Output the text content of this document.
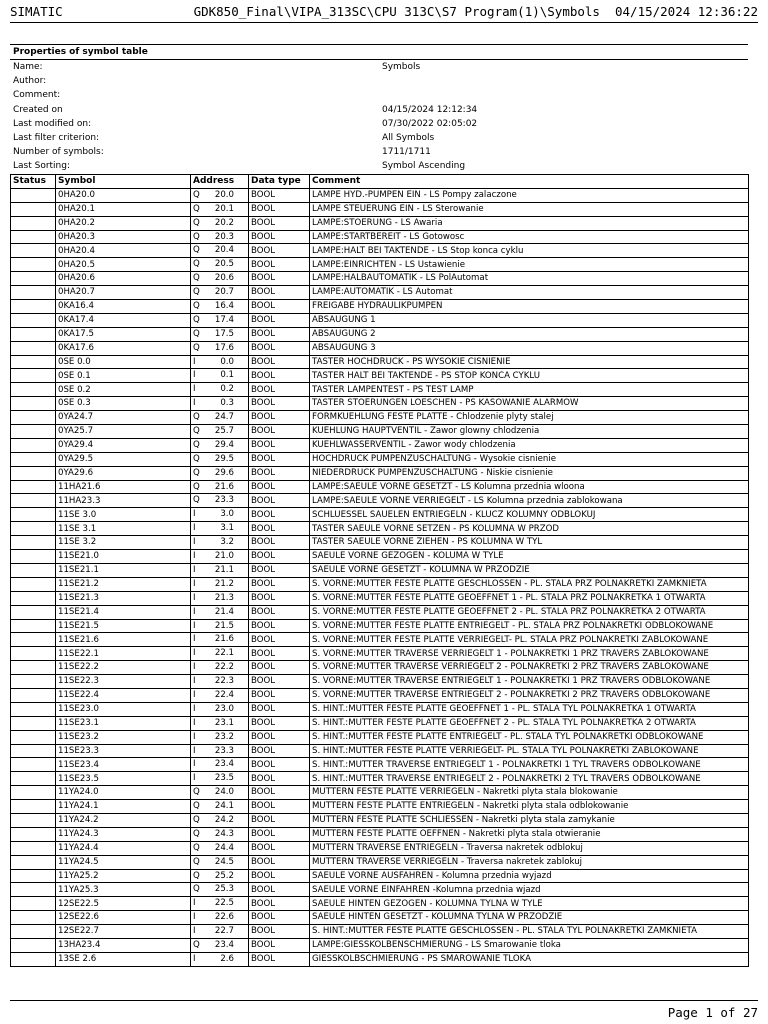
SIMATIC

	GDK850_Final\VIPA_313SC\CPU 313C\S7 Program(1)\Symbols  04/15/2024 12:36:22

Properties of symbol table
Name:	Symbols
Author:
Comment:
Created on	04/15/2024 12:12:34
Last modified on:	07/30/2022 02:05:02
Last filter criterion:	All Symbols
Number of symbols:	1711/1711
Last Sorting:	Symbol Ascending
Status	Symbol	Address	Data type	Comment
	0HA20.0	Q 20.0	BOOL	LAMPE HYD.-PUMPEN EIN - LS Pompy zalaczone
	0HA20.1	Q 20.1	BOOL	LAMPE STEUERUNG EIN - LS Sterowanie
	0HA20.2	Q 20.2	BOOL	LAMPE:STOERUNG - LS Awaria
	0HA20.3	Q 20.3	BOOL	LAMPE:STARTBEREIT - LS Gotowosc
	0HA20.4	Q 20.4	BOOL	LAMPE:HALT BEI TAKTENDE - LS Stop konca cyklu
	0HA20.5	Q 20.5	BOOL	LAMPE:EINRICHTEN - LS Ustawienie
	0HA20.6	Q 20.6	BOOL	LAMPE:HALBAUTOMATIK - LS PolAutomat
	0HA20.7	Q 20.7	BOOL	LAMPE:AUTOMATIK - LS Automat
	0KA16.4	Q 16.4	BOOL	FREIGABE HYDRAULIKPUMPEN
	0KA17.4	Q 17.4	BOOL	ABSAUGUNG 1
	0KA17.5	Q 17.5	BOOL	ABSAUGUNG 2
	0KA17.6	Q 17.6	BOOL	ABSAUGUNG 3
	0SE 0.0	I 0.0	BOOL	TASTER HOCHDRUCK - PS WYSOKIE CISNIENIE
	0SE 0.1	I 0.1	BOOL	TASTER HALT BEI TAKTENDE - PS STOP KONCA CYKLU
	0SE 0.2	I 0.2	BOOL	TASTER LAMPENTEST - PS TEST LAMP
	0SE 0.3	I 0.3	BOOL	TASTER STOERUNGEN LOESCHEN - PS KASOWANIE ALARMOW
	0YA24.7	Q 24.7	BOOL	FORMKUEHLUNG FESTE PLATTE - Chlodzenie plyty stalej
	0YA25.7	Q 25.7	BOOL	KUEHLUNG HAUPTVENTIL - Zawor glowny chlodzenia
	0YA29.4	Q 29.4	BOOL	KUEHLWASSERVENTIL - Zawor wody chlodzenia
	0YA29.5	Q 29.5	BOOL	HOCHDRUCK PUMPENZUSCHALTUNG - Wysokie cisnienie
	0YA29.6	Q 29.6	BOOL	NIEDERDRUCK PUMPENZUSCHALTUNG - Niskie cisnienie
	11HA21.6	Q 21.6	BOOL	LAMPE:SAEULE VORNE GESETZT - LS Kolumna przednia wloona
	11HA23.3	Q 23.3	BOOL	LAMPE:SAEULE VORNE VERRIEGELT - LS Kolumna przednia zablokowana
	11SE 3.0	I 3.0	BOOL	SCHLUESSEL SAUELEN ENTRIEGELN - KLUCZ KOLUMNY ODBLOKUJ
	11SE 3.1	I 3.1	BOOL	TASTER SAEULE VORNE SETZEN - PS KOLUMNA W PRZOD
	11SE 3.2	I 3.2	BOOL	TASTER SAEULE VORNE ZIEHEN - PS KOLUMNA W TYL
	11SE21.0	I 21.0	BOOL	SAEULE VORNE GEZOGEN - KOLUMA W TYLE
	11SE21.1	I 21.1	BOOL	SAEULE VORNE GESETZT - KOLUMNA W PRZODZIE
	11SE21.2	I 21.2	BOOL	S. VORNE:MUTTER FESTE PLATTE GESCHLOSSEN - PL. STALA PRZ POLNAKRETKI ZAMKNIETA
	11SE21.3	I 21.3	BOOL	S. VORNE:MUTTER FESTE PLATTE GEOEFFNET 1 - PL. STALA PRZ POLNAKRETKA 1 OTWARTA
	11SE21.4	I 21.4	BOOL	S. VORNE:MUTTER FESTE PLATTE GEOEFFNET 2 - PL. STALA PRZ POLNAKRETKA 2 OTWARTA
	11SE21.5	I 21.5	BOOL	S. VORNE:MUTTER FESTE PLATTE ENTRIEGELT - PL. STALA PRZ POLNAKRETKI ODBLOKOWANE
	11SE21.6	I 21.6	BOOL	S. VORNE:MUTTER FESTE PLATTE VERRIEGELT- PL. STALA PRZ POLNAKRETKI ZABLOKOWANE
	11SE22.1	I 22.1	BOOL	S. VORNE:MUTTER TRAVERSE VERRIEGELT 1 - POLNAKRETKI 1 PRZ TRAVERS ZABLOKOWANE
	11SE22.2	I 22.2	BOOL	S. VORNE:MUTTER TRAVERSE VERRIEGELT 2 - POLNAKRETKI 2 PRZ TRAVERS ZABLOKOWANE
	11SE22.3	I 22.3	BOOL	S. VORNE:MUTTER TRAVERSE ENTRIEGELT 1 - POLNAKRETKI 1 PRZ TRAVERS ODBLOKOWANE
	11SE22.4	I 22.4	BOOL	S. VORNE:MUTTER TRAVERSE ENTRIEGELT 2 - POLNAKRETKI 2 PRZ TRAVERS ODBLOKOWANE
	11SE23.0	I 23.0	BOOL	S. HINT.:MUTTER FESTE PLATTE GEOEFFNET 1 - PL. STALA TYL POLNAKRETKA 1 OTWARTA
	11SE23.1	I 23.1	BOOL	S. HINT.:MUTTER FESTE PLATTE GEOEFFNET 2 - PL. STALA TYL POLNAKRETKA 2 OTWARTA
	11SE23.2	I 23.2	BOOL	S. HINT.:MUTTER FESTE PLATTE ENTRIEGELT - PL. STALA TYL POLNAKRETKI ODBLOKOWANE
	11SE23.3	I 23.3	BOOL	S. HINT.:MUTTER FESTE PLATTE VERRIEGELT- PL. STALA TYL POLNAKRETKI ZABLOKOWANE
	11SE23.4	I 23.4	BOOL	S. HINT.:MUTTER TRAVERSE ENTRIEGELT 1 - POLNAKRETKI 1 TYL TRAVERS ODBOLKOWANE
	11SE23.5	I 23.5	BOOL	S. HINT.:MUTTER TRAVERSE ENTRIEGELT 2 - POLNAKRETKI 2 TYL TRAVERS ODBOLKOWANE
	11YA24.0	Q 24.0	BOOL	MUTTERN FESTE PLATTE VERRIEGELN - Nakretki plyta stala blokowanie
	11YA24.1	Q 24.1	BOOL	MUTTERN FESTE PLATTE ENTRIEGELN - Nakretki plyta stala odblokowanie
	11YA24.2	Q 24.2	BOOL	MUTTERN FESTE PLATTE SCHLIESSEN - Nakretki plyta stala zamykanie
	11YA24.3	Q 24.3	BOOL	MUTTERN FESTE PLATTE OEFFNEN - Nakretki plyta stala otwieranie
	11YA24.4	Q 24.4	BOOL	MUTTERN TRAVERSE ENTRIEGELN - Traversa nakretek odblokuj
	11YA24.5	Q 24.5	BOOL	MUTTERN TRAVERSE VERRIEGELN - Traversa nakretek zablokuj
	11YA25.2	Q 25.2	BOOL	SAEULE VORNE AUSFAHREN - Kolumna przednia wyjazd
	11YA25.3	Q 25.3	BOOL	SAEULE VORNE EINFAHREN -Kolumna przednia wjazd
	12SE22.5	I 22.5	BOOL	SAEULE HINTEN GEZOGEN - KOLUMNA TYLNA W TYLE
	12SE22.6	I 22.6	BOOL	SAEULE HINTEN GESETZT - KOLUMNA TYLNA W PRZODZIE
	12SE22.7	I 22.7	BOOL	S. HINT.:MUTTER FESTE PLATTE GESCHLOSSEN - PL. STALA TYL POLNAKRETKI ZAMKNIETA
	13HA23.4	Q 23.4	BOOL	LAMPE:GIESSKOLBENSCHMIERUNG - LS Smarowanie tloka
	13SE 2.6	I 2.6	BOOL	GIESSKOLBSCHMIERUNG - PS SMAROWANIE TLOKA
Page 1 of 27
